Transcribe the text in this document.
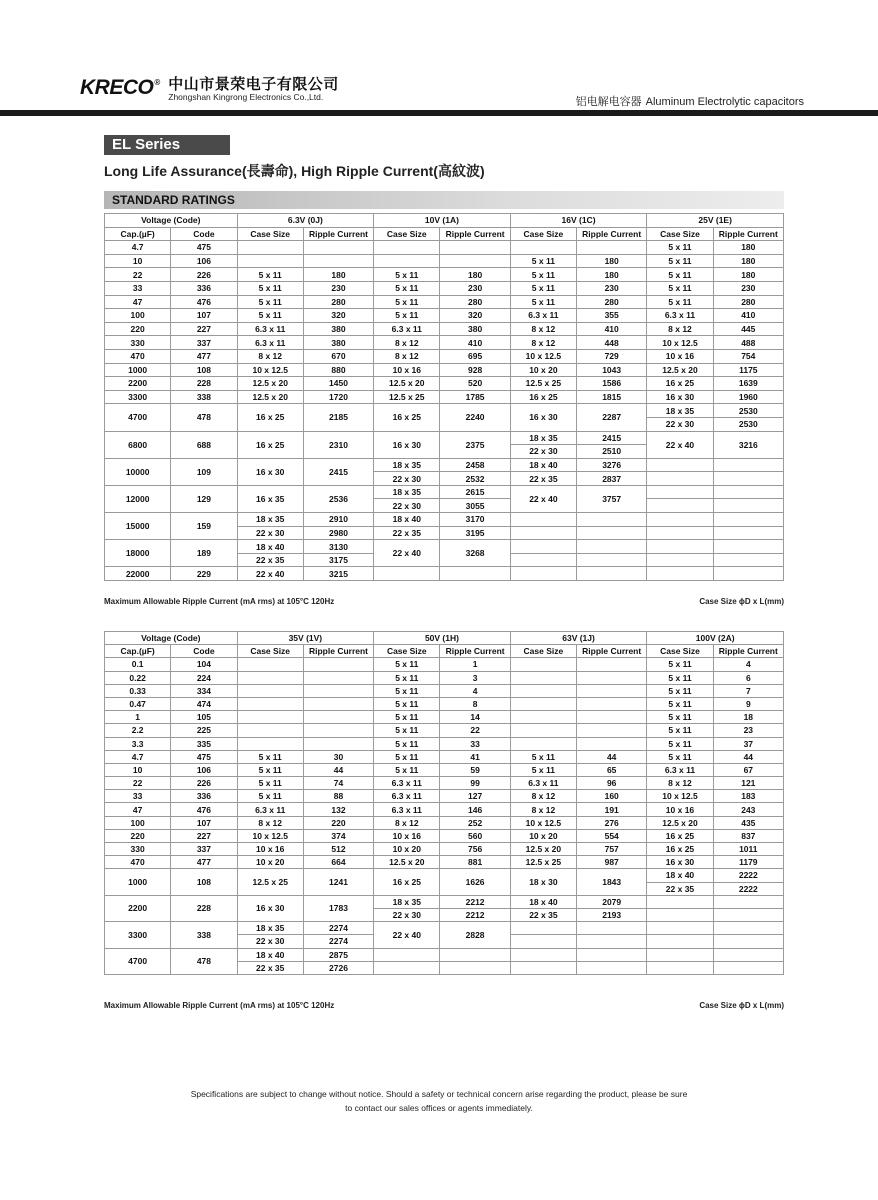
KRECO ® 中山市景荣电子有限公司
Zhongshan Kingrong Electronics Co.,Ltd.	铝电解电容器 Aluminum Electrolytic capacitors
EL Series
Long Life Assurance(長壽命), High Ripple Current(高紋波)
STANDARD RATINGS
Voltage (Code)		6.3V (0J)		10V (1A)		16V (1C)		25V (1E)	
Cap.(µF)	Code	Case Size	Ripple Current	Case Size	Ripple Current	Case Size	Ripple Current	Case Size	Ripple Current
4.7	475							5 x 11	180
10	106					5 x 11	180	5 x 11	180
22	226	5 x 11	180	5 x 11	180	5 x 11	180	5 x 11	180
33	336	5 x 11	230	5 x 11	230	5 x 11	230	5 x 11	230
47	476	5 x 11	280	5 x 11	280	5 x 11	280	5 x 11	280
100	107	5 x 11	320	5 x 11	320	6.3 x 11	355	6.3 x 11	410
220	227	6.3 x 11	380	6.3 x 11	380	8 x 12	410	8 x 12	445
330	337	6.3 x 11	380	8 x 12	410	8 x 12	448	10 x 12.5	488
470	477	8 x 12	670	8 x 12	695	10 x 12.5	729	10 x 16	754
1000	108	10 x 12.5	880	10 x 16	928	10 x 20	1043	12.5 x 20	1175
2200	228	12.5 x 20	1450	12.5 x 20	520	12.5 x 25	1586	16 x 25	1639
3300	338	12.5 x 20	1720	12.5 x 25	1785	16 x 25	1815	16 x 30	1960
4700	478	16 x 25	2185	16 x 25	2240	16 x 30	2287	18 x 35	2530
								22 x 30	2530
6800	688	16 x 25	2310	16 x 30	2375	18 x 35	2415	22 x 40	3216
						22 x 30	2510		
10000	109	16 x 30	2415	18 x 35	2458	18 x 40	3276		
				22 x 30	2532	22 x 35	2837		
12000	129	16 x 35	2536	18 x 35	2615	22 x 40	3757		
				22 x 30	3055				
15000	159	18 x 35	2910	18 x 40	3170				
		22 x 30	2980	22 x 35	3195				
18000	189	18 x 40	3130	22 x 40	3268				
		22 x 35	3175						
22000	229	22 x 40	3215						
Maximum Allowable Ripple Current (mA rms) at 105°C 120Hz	Case Size ϕD x L(mm)
Voltage (Code)		35V (1V)		50V (1H)		63V (1J)		100V (2A)	
Cap.(µF)	Code	Case Size	Ripple Current	Case Size	Ripple Current	Case Size	Ripple Current	Case Size	Ripple Current
0.1	104			5 x 11	1			5 x 11	4
0.22	224			5 x 11	3			5 x 11	6
0.33	334			5 x 11	4			5 x 11	7
0.47	474			5 x 11	8			5 x 11	9
1	105			5 x 11	14			5 x 11	18
2.2	225			5 x 11	22			5 x 11	23
3.3	335			5 x 11	33			5 x 11	37
4.7	475	5 x 11	30	5 x 11	41	5 x 11	44	5 x 11	44
10	106	5 x 11	44	5 x 11	59	5 x 11	65	6.3 x 11	67
22	226	5 x 11	74	6.3 x 11	99	6.3 x 11	96	8 x 12	121
33	336	5 x 11	88	6.3 x 11	127	8 x 12	160	10 x 12.5	183
47	476	6.3 x 11	132	6.3 x 11	146	8 x 12	191	10 x 16	243
100	107	8 x 12	220	8 x 12	252	10 x 12.5	276	12.5 x 20	435
220	227	10 x 12.5	374	10 x 16	560	10 x 20	554	16 x 25	837
330	337	10 x 16	512	10 x 20	756	12.5 x 20	757	16 x 25	1011
470	477	10 x 20	664	12.5 x 20	881	12.5 x 25	987	16 x 30	1179
1000	108	12.5 x 25	1241	16 x 25	1626	18 x 30	1843	18 x 40	2222
								22 x 35	2222
2200	228	16 x 30	1783	18 x 35	2212	18 x 40	2079		
				22 x 30	2212	22 x 35	2193		
3300	338	18 x 35	2274	22 x 40	2828				
		22 x 30	2274						
4700	478	18 x 40	2875						
		22 x 35	2726						
Maximum Allowable Ripple Current (mA rms) at 105°C 120Hz	Case Size ϕD x L(mm)
Specifications are subject to change without notice. Should a safety or technical concern arise regarding the product, please be sure
to contact our sales offices or agents immediately.
